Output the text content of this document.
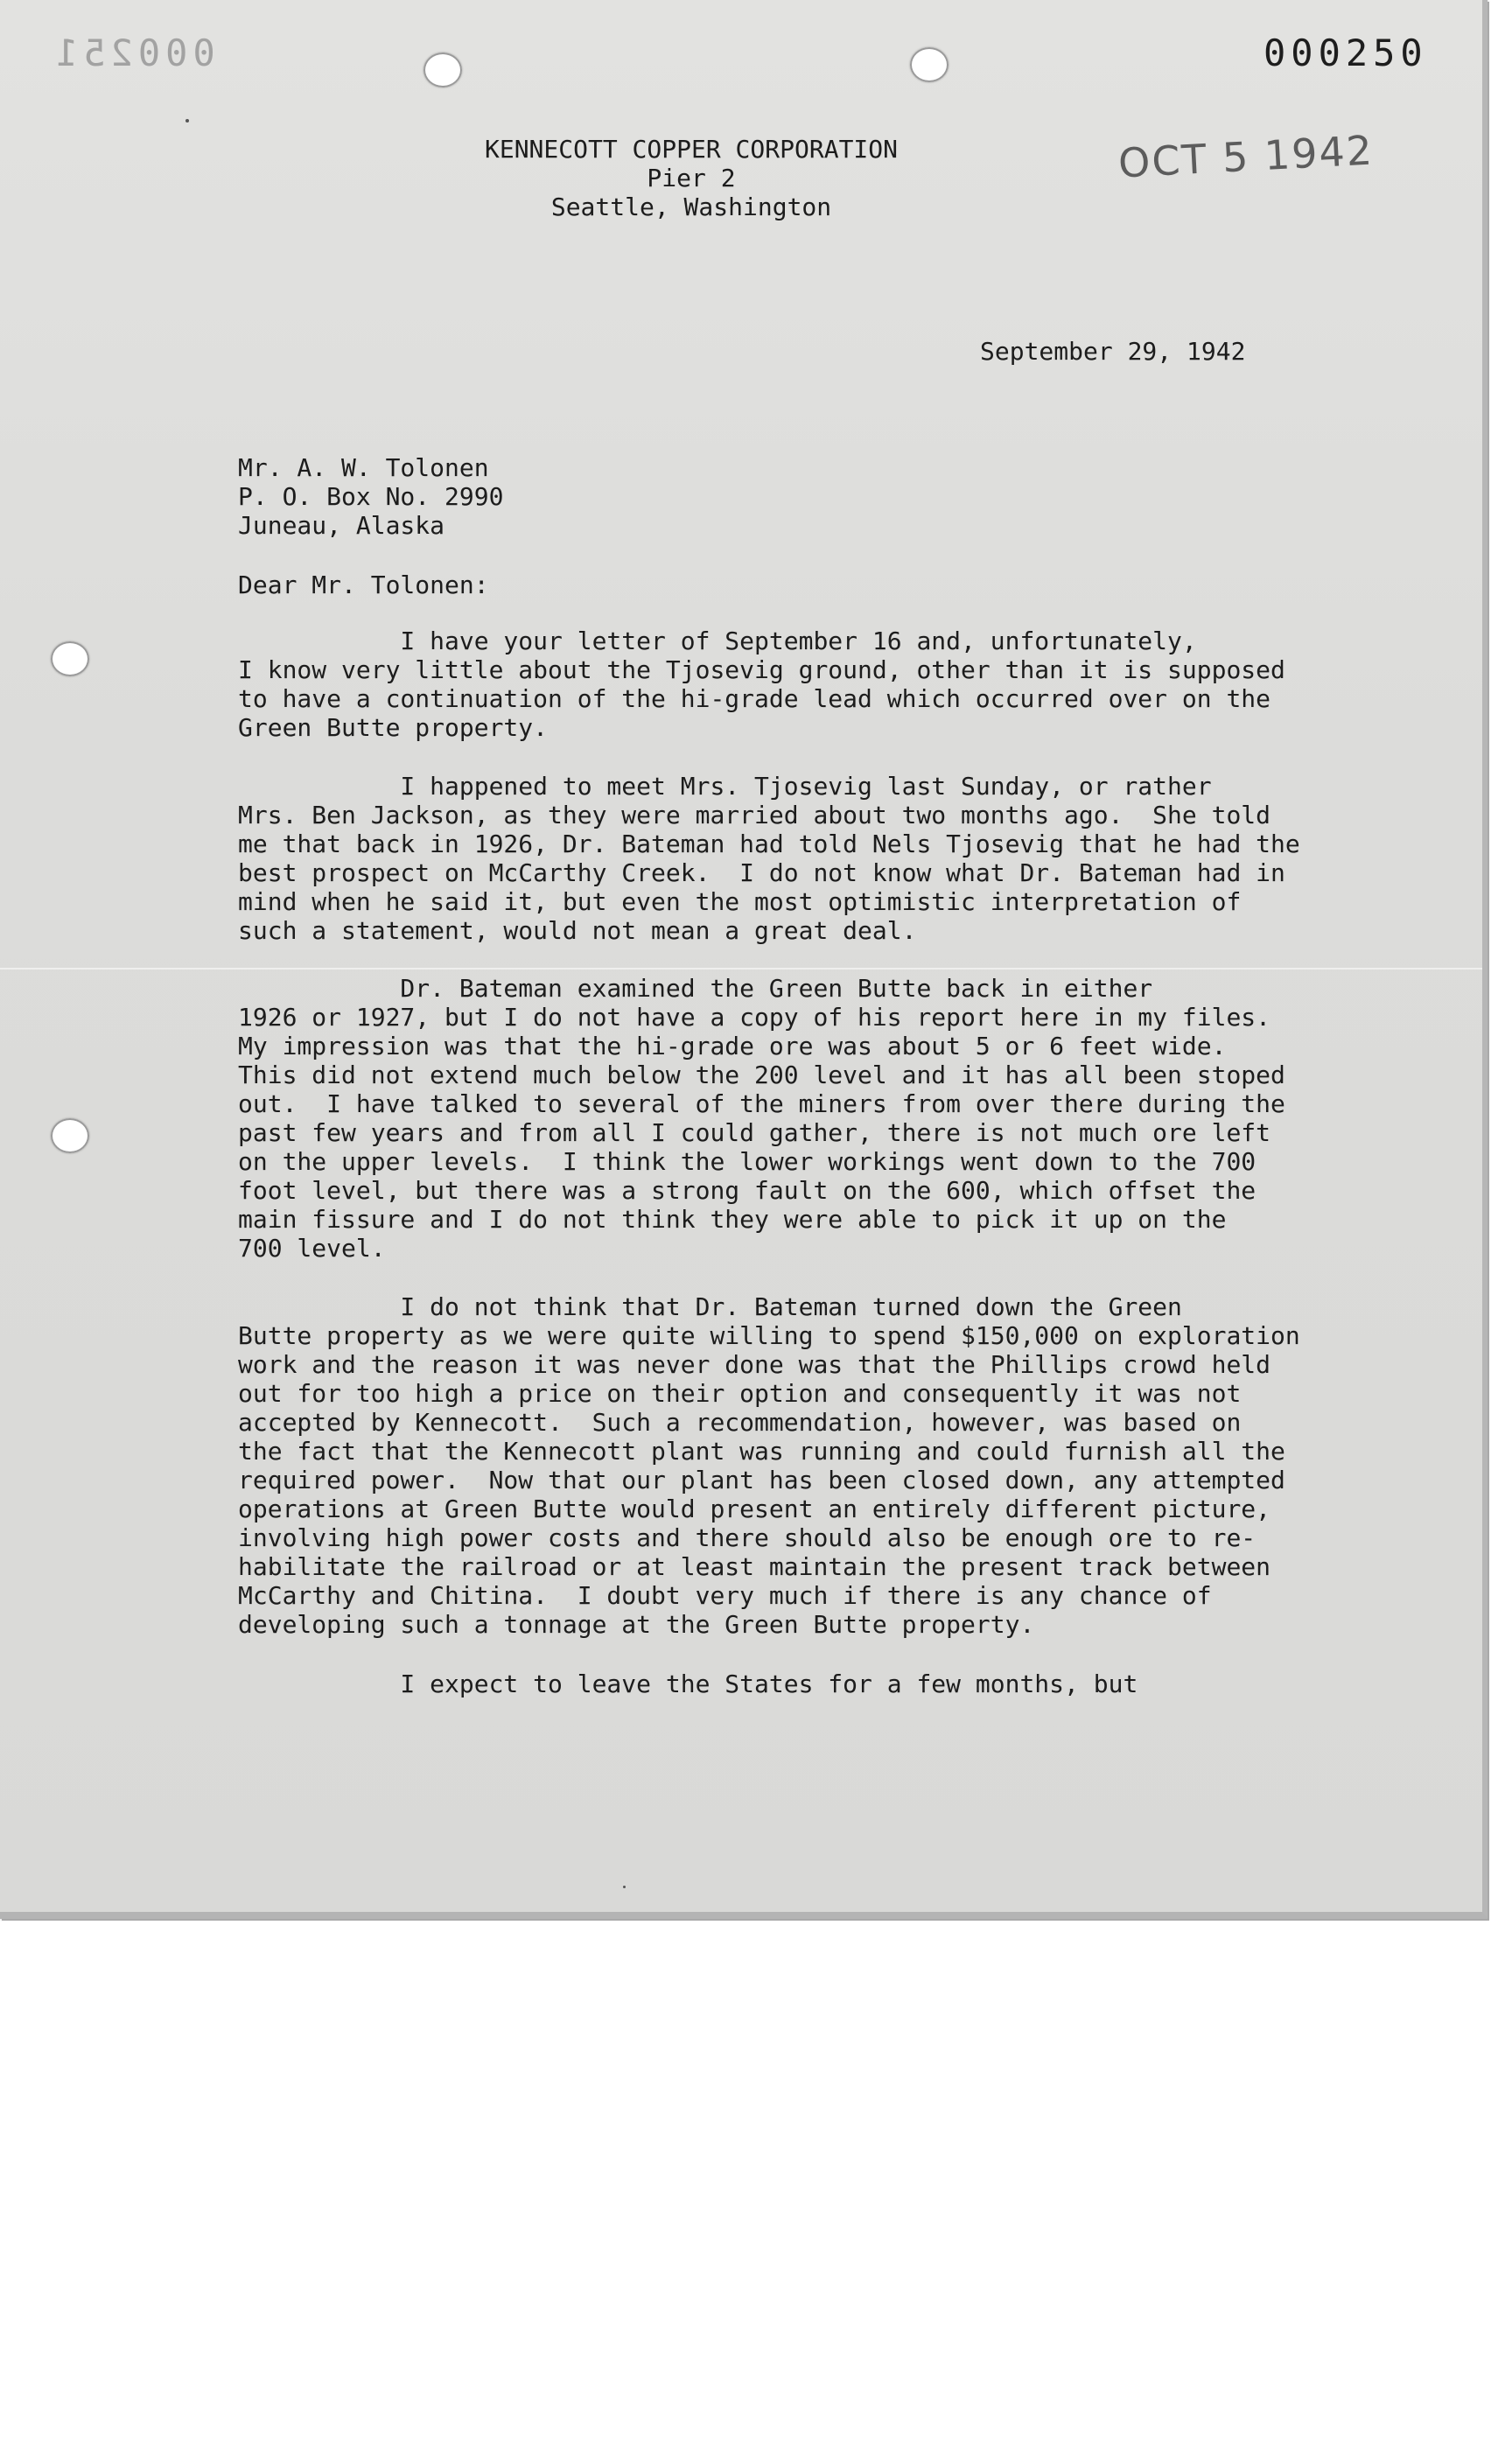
000251	000250
OCT 5 1942
KENNECOTT COPPER CORPORATION
Pier 2
Seattle, Washington
September 29, 1942
Mr. A. W. Tolonen
P. O. Box No. 2990
Juneau, Alaska
Dear Mr. Tolonen:
I have your letter of September 16 and, unfortunately,
I know very little about the Tjosevig ground, other than it is supposed
to have a continuation of the hi-grade lead which occurred over on the
Green Butte property.
I happened to meet Mrs. Tjosevig last Sunday, or rather
Mrs. Ben Jackson, as they were married about two months ago.  She told
me that back in 1926, Dr. Bateman had told Nels Tjosevig that he had the
best prospect on McCarthy Creek.  I do not know what Dr. Bateman had in
mind when he said it, but even the most optimistic interpretation of
such a statement, would not mean a great deal.
Dr. Bateman examined the Green Butte back in either
1926 or 1927, but I do not have a copy of his report here in my files.
My impression was that the hi-grade ore was about 5 or 6 feet wide.
This did not extend much below the 200 level and it has all been stoped
out.  I have talked to several of the miners from over there during the
past few years and from all I could gather, there is not much ore left
on the upper levels.  I think the lower workings went down to the 700
foot level, but there was a strong fault on the 600, which offset the
main fissure and I do not think they were able to pick it up on the
700 level.
I do not think that Dr. Bateman turned down the Green
Butte property as we were quite willing to spend $150,000 on exploration
work and the reason it was never done was that the Phillips crowd held
out for too high a price on their option and consequently it was not
accepted by Kennecott.  Such a recommendation, however, was based on
the fact that the Kennecott plant was running and could furnish all the
required power.  Now that our plant has been closed down, any attempted
operations at Green Butte would present an entirely different picture,
involving high power costs and there should also be enough ore to re-
habilitate the railroad or at least maintain the present track between
McCarthy and Chitina.  I doubt very much if there is any chance of
developing such a tonnage at the Green Butte property.
I expect to leave the States for a few months, but
